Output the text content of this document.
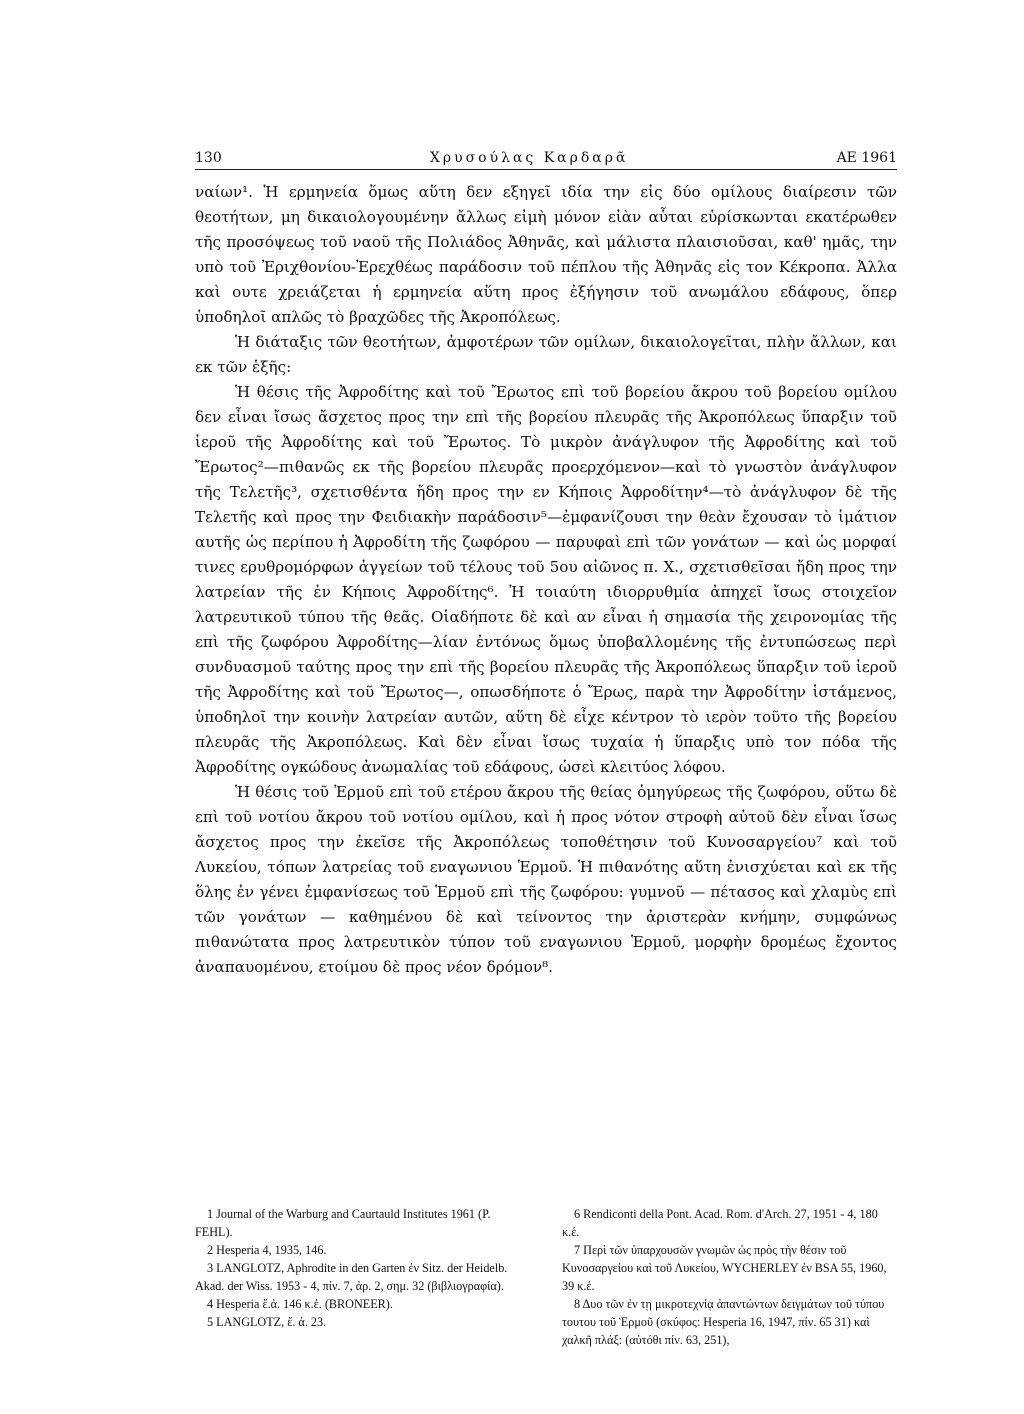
130	Χρυσούλας Καρδαρᾶ	ΑΕ 1961

ναίων¹. Ἡ ερμηνεία ὅμως αὕτη δεν εξηγεῖ ιδία την εἰς δύο ομίλους διαίρεσιν τῶν θεοτήτων, μη δικαιολογουμένην ἄλλως εἰμὴ μόνον εἰὰν αὗται εὑρίσκωνται εκατέρωθεν τῆς προσόψεως τοῦ ναοῦ τῆς Πολιάδος Ἀθηνᾶς, καὶ μάλιστα πλαισιοῦσαι, καθ' ημᾶς, την υπὸ τοῦ Ἐριχθονίου-Ἐρεχθέως παράδοσιν τοῦ πέπλου τῆς Ἀθηνᾶς εἰς τον Κέκροπα. Ἀλλα καὶ ουτε χρειάζεται ἡ ερμηνεία αὕτη προς ἐξήγησιν τοῦ ανωμάλου εδάφους, ὅπερ ὑποδηλοῖ απλῶς τὸ βραχῶδες τῆς Ἀκροπόλεως.

Ἡ διάταξις τῶν θεοτήτων, ἀμφοτέρων τῶν ομίλων, δικαιολογεῖται, πλὴν ἄλλων, και εκ τῶν ἑξῆς:

Ἡ θέσις τῆς Ἀφροδίτης καὶ τοῦ Ἔρωτος επὶ τοῦ βορείου ἄκρου τοῦ βορείου ομίλου δεν εἶναι ἴσως ἄσχετος προς την επὶ τῆς βορείου πλευρᾶς τῆς Ἀκροπόλεως ὕπαρξιν τοῦ ἱεροῦ τῆς Ἀφροδίτης καὶ τοῦ Ἔρωτος. Τὸ μικρὸν ἀνάγλυφον τῆς Ἀφροδίτης καὶ τοῦ Ἔρωτος²—πιθανῶς εκ τῆς βορείου πλευρᾶς προερχόμενον—καὶ τὸ γνωστὸν ἀνάγλυφον τῆς Τελετῆς³, σχετισθέντα ἤδη προς την εν Κήποις Ἀφροδίτην⁴—τὸ ἀνάγλυφον δὲ τῆς Τελετῆς καὶ προς την Φειδιακὴν παράδοσιν⁵—ἐμφανίζουσι την θεὰν ἔχουσαν τὸ ἱμάτιον αυτῆς ὡς περίπου ἡ Ἀφροδίτη τῆς ζωφόρου — παρυφαὶ επὶ τῶν γονάτων — καὶ ὡς μορφαί τινες ερυθρομόρφων ἀγγείων τοῦ τέλους τοῦ 5ου αἰῶνος π. Χ., σχετισθεῖσαι ἤδη προς την λατρείαν τῆς ἐν Κήποις Ἀφροδίτης⁶. Ἡ τοιαύτη ιδιορρυθμία ἀπηχεῖ ἴσως στοιχεῖον λατρευτικοῦ τύπου τῆς θεᾶς. Οἱαδήποτε δὲ καὶ αν εἶναι ἡ σημασία τῆς χειρονομίας τῆς επὶ τῆς ζωφόρου Ἀφροδίτης—λίαν ἐντόνως ὅμως ὑποβαλλομένης τῆς ἐντυπώσεως περὶ συνδυασμοῦ ταύτης προς την επὶ τῆς βορείου πλευρᾶς τῆς Ἀκροπόλεως ὕπαρξιν τοῦ ἱεροῦ τῆς Ἀφροδίτης καὶ τοῦ Ἔρωτος—, οπωσδήποτε ὁ Ἔρως, παρὰ την Ἀφροδίτην ἱστάμενος, ὑποδηλοῖ την κοινὴν λατρείαν αυτῶν, αὕτη δὲ εἶχε κέντρον τὸ ιερὸν τοῦτο τῆς βορείου πλευρᾶς τῆς Ἀκροπόλεως. Καὶ δὲν εἶναι ἴσως τυχαία ἡ ὕπαρξις υπὸ τον πόδα τῆς Ἀφροδίτης ογκώδους ἀνωμαλίας τοῦ εδάφους, ὡσεὶ κλειτύος λόφου.

Ἡ θέσις τοῦ Ἑρμοῦ επὶ τοῦ ετέρου ἄκρου τῆς θείας ὁμηγύρεως τῆς ζωφόρου, οὕτω δὲ επὶ τοῦ νοτίου ἄκρου τοῦ νοτίου ομίλου, καὶ ἡ προς νότον στροφὴ αὐτοῦ δὲν εἶναι ἴσως ἄσχετος προς την ἐκεῖσε τῆς Ἀκροπόλεως τοποθέτησιν τοῦ Κυνοσαργείου⁷ καὶ τοῦ Λυκείου, τόπων λατρείας τοῦ εναγωνιου Ἑρμοῦ. Ἡ πιθανότης αὕτη ἐνισχύεται καὶ εκ τῆς ὅλης ἐν γένει ἐμφανίσεως τοῦ Ἑρμοῦ επὶ τῆς ζωφόρου: γυμνοῦ — πέτασος καὶ χλαμὺς επὶ τῶν γονάτων — καθημένου δὲ καὶ τείνοντος την ἀριστερὰν κνήμην, συμφώνως πιθανώτατα προς λατρευτικὸν τύπον τοῦ εναγωνιου Ἑρμοῦ, μορφὴν δρομέως ἔχοντος ἀναπαυομένου, ετοίμου δὲ προς νέον δρόμον⁸.

1 Journal of the Warburg and Caurtauld Institutes 1961 (P. FEHL).

2 Hesperia 4, 1935, 146.

3 LANGLOTZ, Aphrodite in den Garten ἐν Sitz. der Heidelb. Akad. der Wiss. 1953 - 4, πίν. 7, ἀρ. 2, σημ. 32 (βιβλιογραφία).

4 Hesperia ἔ.ἀ. 146 κ.ἑ. (BRONEER).

5 LANGLOTZ, ἔ. ἀ. 23.

6 Rendiconti della Pont. Acad. Rom. d'Arch. 27, 1951 - 4, 180 κ.ἑ.

7 Περὶ τῶν ὑπαρχουσῶν γνωμῶν ὡς πρὸς τὴν θέσιν τοῦ Κυνοσαργείου καὶ τοῦ Λυκείου, WYCHERLEY ἐν BSA 55, 1960, 39 κ.ἑ.

8 Δυο τῶν ἐν τῃ μικροτεχνίᾳ ἀπαντώντων δειγμάτων τοῦ τύπου τουτου τοῦ Ἑρμοῦ (σκύφος: Hesperia 16, 1947, πίν. 65 31) καὶ χαλκῆ πλάξ: (αὐτόθι πίν. 63, 251),
